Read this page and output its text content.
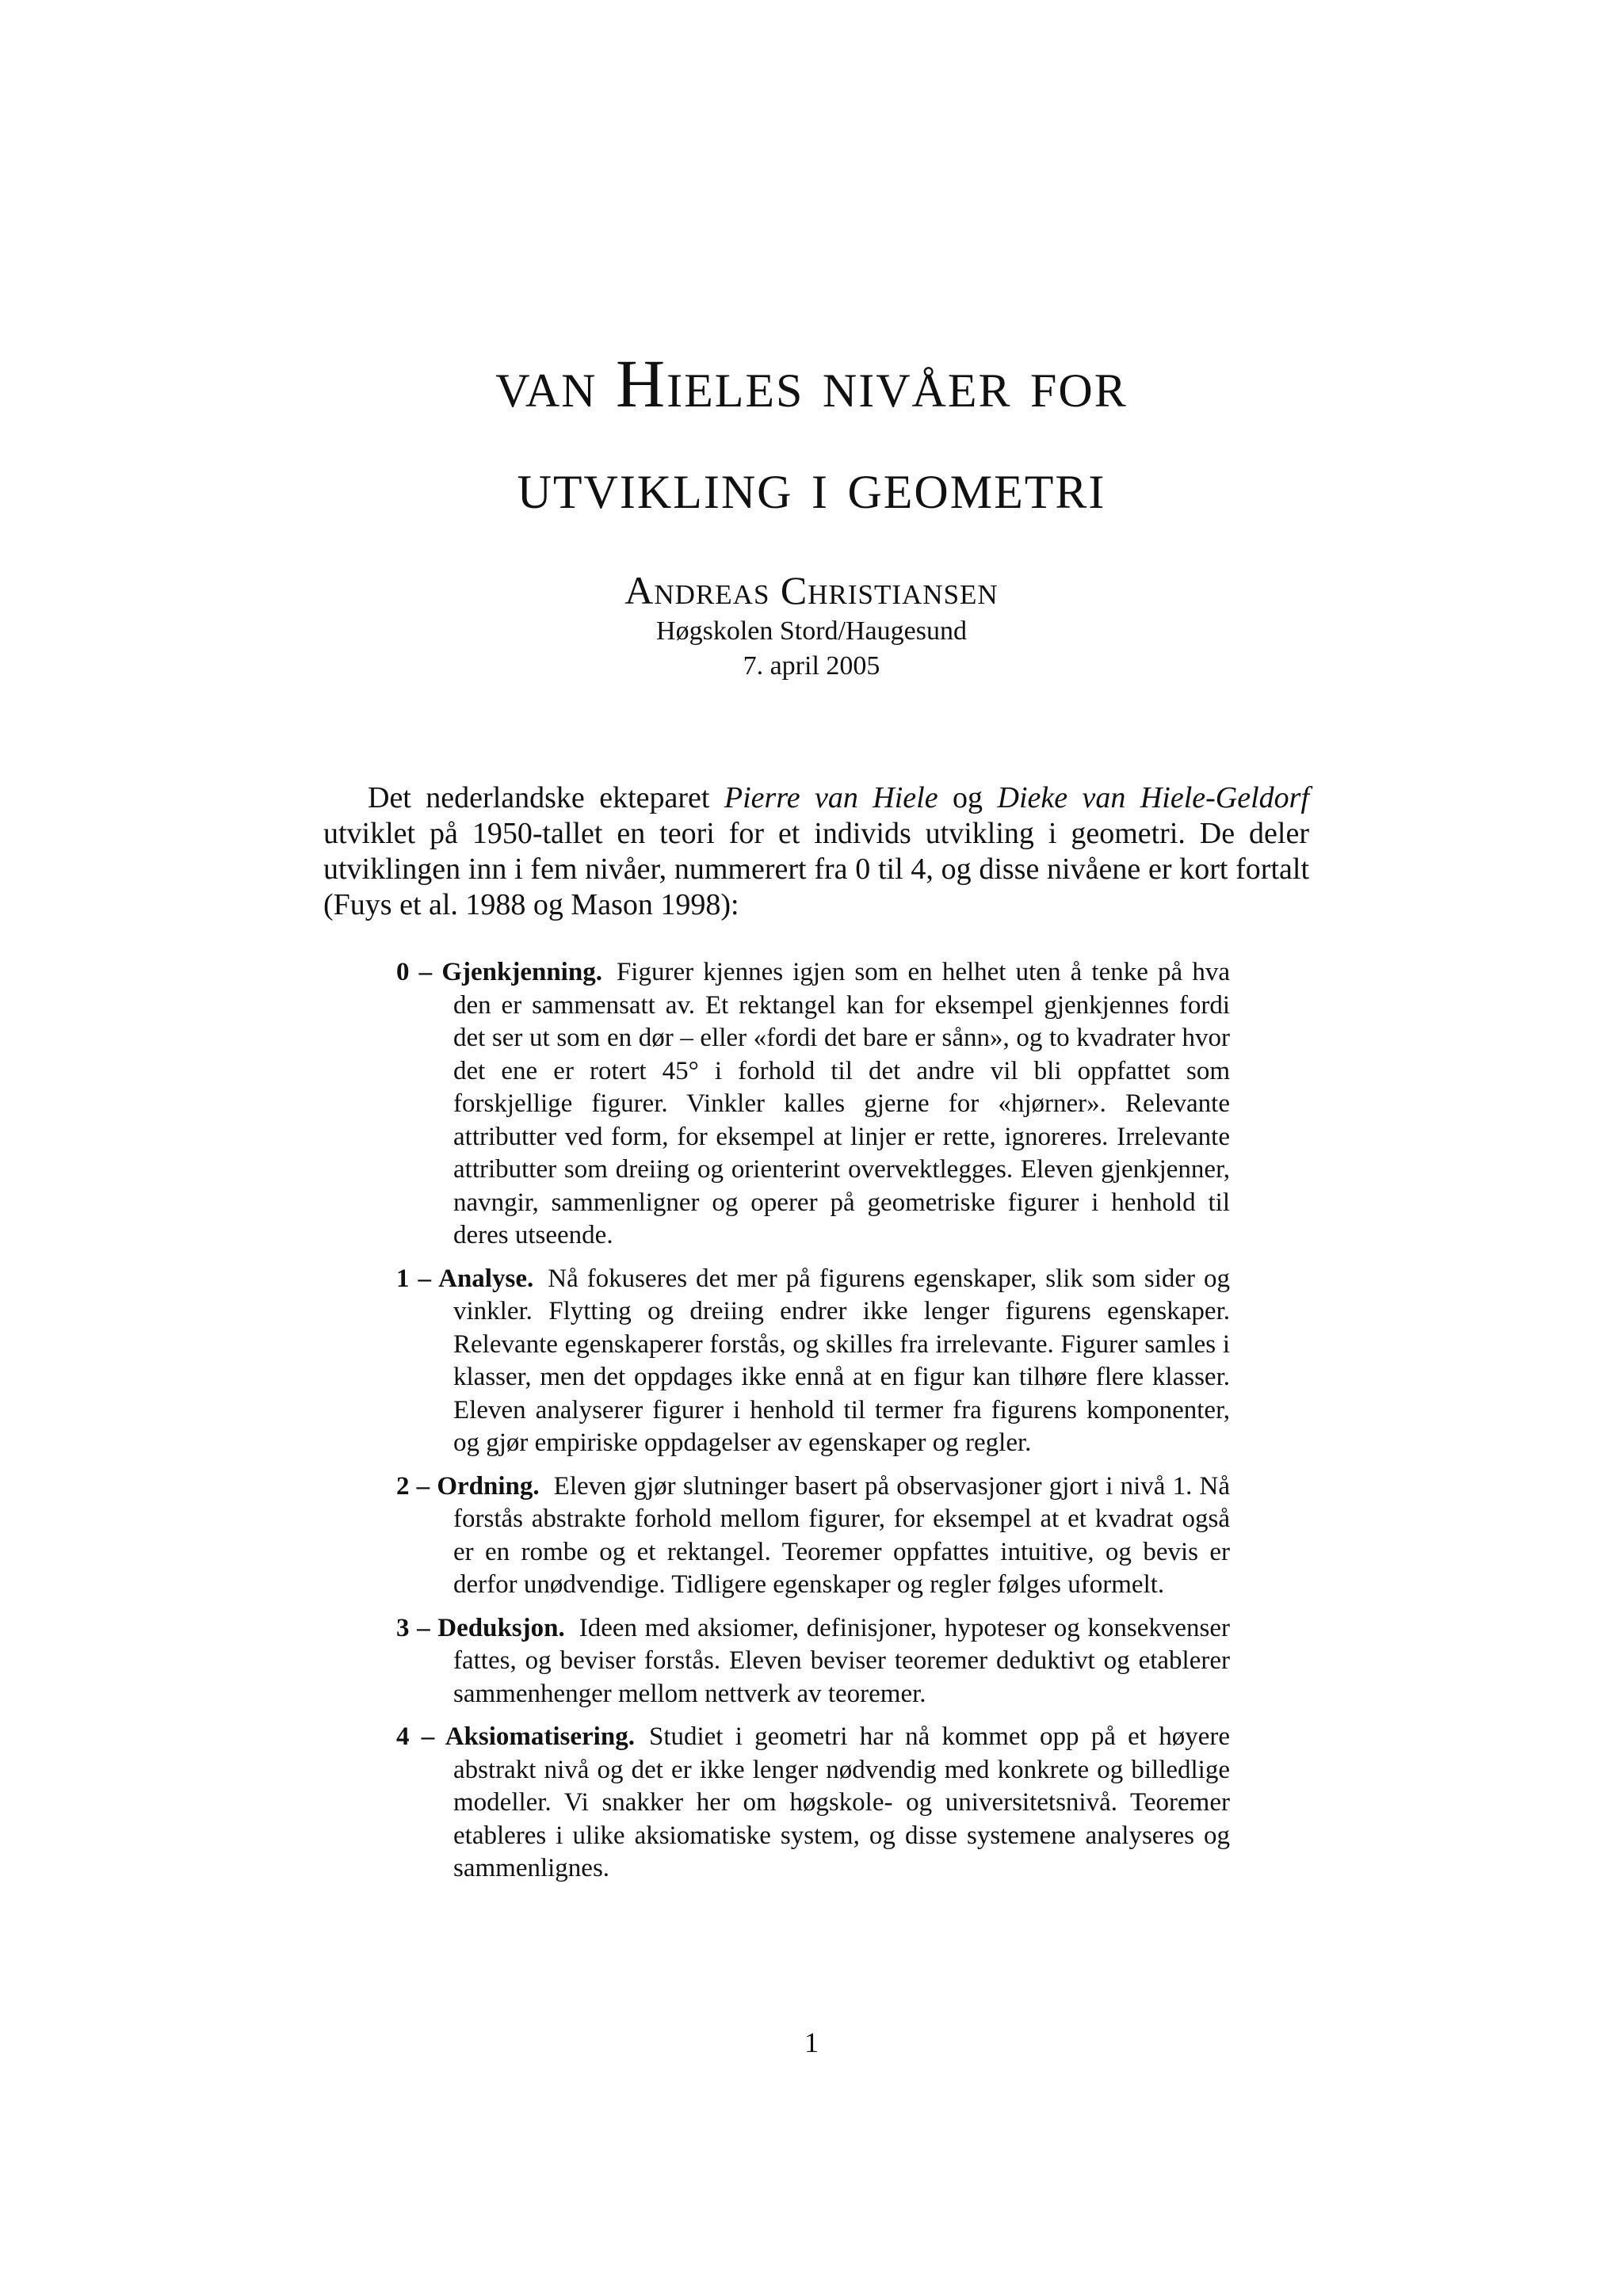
van Hieles nivåer for
utvikling i geometri
Andreas Christiansen
Høgskolen Stord/Haugesund
7. april 2005

Det nederlandske ekteparet Pierre van Hiele og Dieke van Hiele-Geldorf utviklet på 1950-tallet en teori for et individs utvikling i geometri. De deler utviklingen inn i fem nivåer, nummerert fra 0 til 4, og disse nivåene er kort fortalt (Fuys et al. 1988 og Mason 1998):

0 – Gjenkjenning. Figurer kjennes igjen som en helhet uten å tenke på hva den er sammensatt av. Et rektangel kan for eksempel gjenkjennes fordi det ser ut som en dør – eller «fordi det bare er sånn», og to kvadrater hvor det ene er rotert 45° i forhold til det andre vil bli oppfattet som forskjellige figurer. Vinkler kalles gjerne for «hjørner». Relevante attributter ved form, for eksempel at linjer er rette, ignoreres. Irrelevante attributter som dreiing og orienterint overvektlegges. Eleven gjenkjenner, navngir, sammenligner og operer på geometriske figurer i henhold til deres utseende.
1 – Analyse. Nå fokuseres det mer på figurens egenskaper, slik som sider og vinkler. Flytting og dreiing endrer ikke lenger figurens egenskaper. Relevante egenskaperer forstås, og skilles fra irrelevante. Figurer samles i klasser, men det oppdages ikke ennå at en figur kan tilhøre flere klasser. Eleven analyserer figurer i henhold til termer fra figurens komponenter, og gjør empiriske oppdagelser av egenskaper og regler.
2 – Ordning. Eleven gjør slutninger basert på observasjoner gjort i nivå 1. Nå forstås abstrakte forhold mellom figurer, for eksempel at et kvadrat også er en rombe og et rektangel. Teoremer oppfattes intuitive, og bevis er derfor unødvendige. Tidligere egenskaper og regler følges uformelt.
3 – Deduksjon. Ideen med aksiomer, definisjoner, hypoteser og konsekvenser fattes, og beviser forstås. Eleven beviser teoremer deduktivt og etablerer sammenhenger mellom nettverk av teoremer.
4 – Aksiomatisering. Studiet i geometri har nå kommet opp på et høyere abstrakt nivå og det er ikke lenger nødvendig med konkrete og billedlige modeller. Vi snakker her om høgskole- og universitetsnivå. Teoremer etableres i ulike aksiomatiske system, og disse systemene analyseres og sammenlignes.
1
